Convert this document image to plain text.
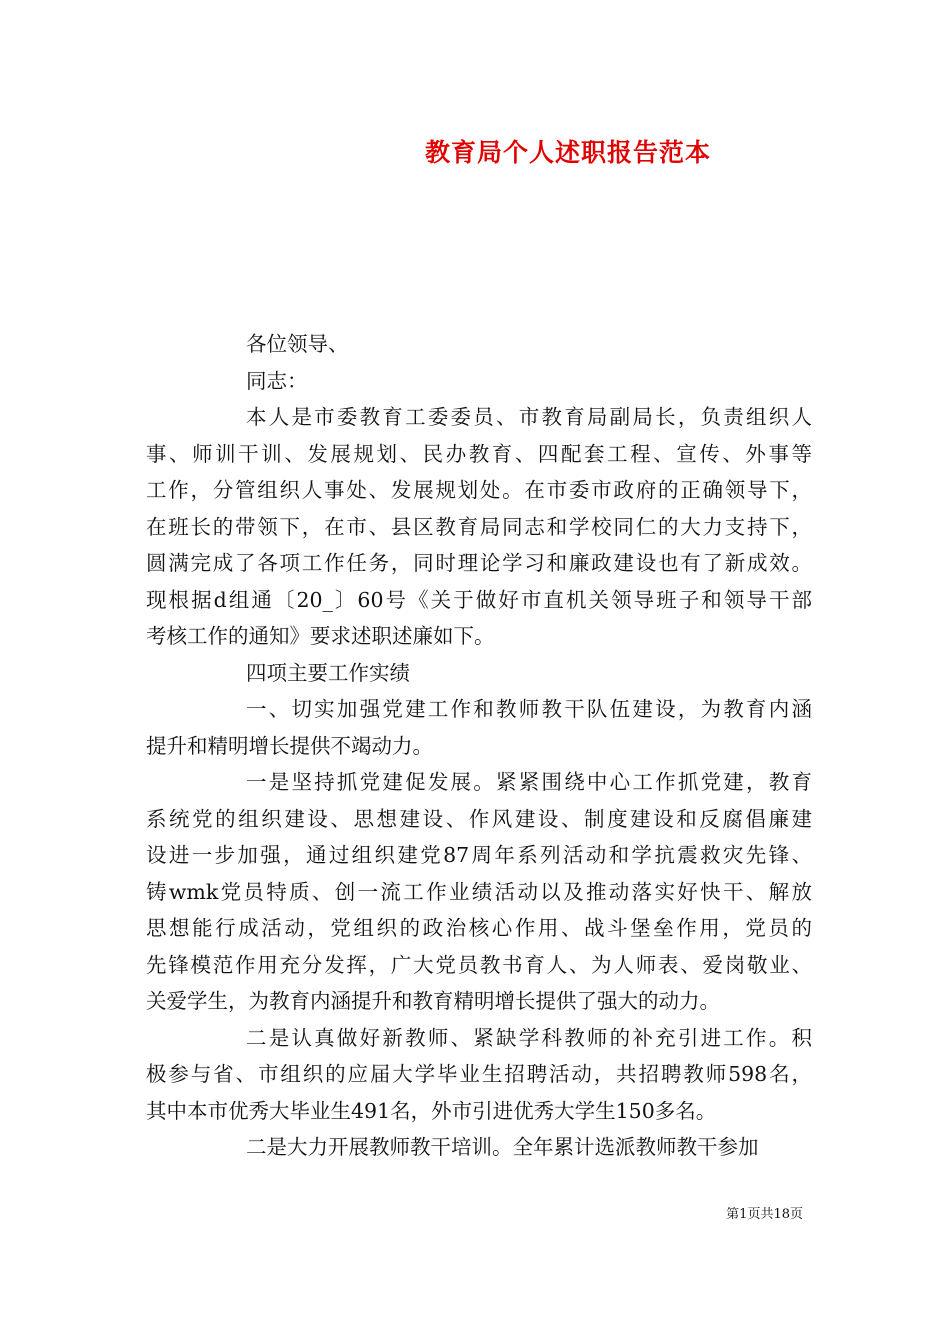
教育局个人述职报告范本
各位领导、
同志：
本人是市委教育工委委员、市教育局副局长，负责组织人
事、师训干训、发展规划、民办教育、四配套工程、宣传、外事等
工作，分管组织人事处、发展规划处。在市委市政府的正确领导下，
在班长的带领下，在市、县区教育局同志和学校同仁的大力支持下，
圆满完成了各项工作任务，同时理论学习和廉政建设也有了新成效。
现根据d组通〔20_〕60号《关于做好市直机关领导班子和领导干部
考核工作的通知》要求述职述廉如下。
四项主要工作实绩
一、切实加强党建工作和教师教干队伍建设，为教育内涵
提升和精明增长提供不竭动力。
一是坚持抓党建促发展。紧紧围绕中心工作抓党建，教育
系统党的组织建设、思想建设、作风建设、制度建设和反腐倡廉建
设进一步加强，通过组织建党87周年系列活动和学抗震救灾先锋、
铸wmk党员特质、创一流工作业绩活动以及推动落实好快干、解放
思想能行成活动，党组织的政治核心作用、战斗堡垒作用，党员的
先锋模范作用充分发挥，广大党员教书育人、为人师表、爱岗敬业、
关爱学生，为教育内涵提升和教育精明增长提供了强大的动力。
二是认真做好新教师、紧缺学科教师的补充引进工作。积
极参与省、市组织的应届大学毕业生招聘活动，共招聘教师598名，
其中本市优秀大毕业生491名，外市引进优秀大学生150多名。
二是大力开展教师教干培训。全年累计选派教师教干参加
第1页共18页
